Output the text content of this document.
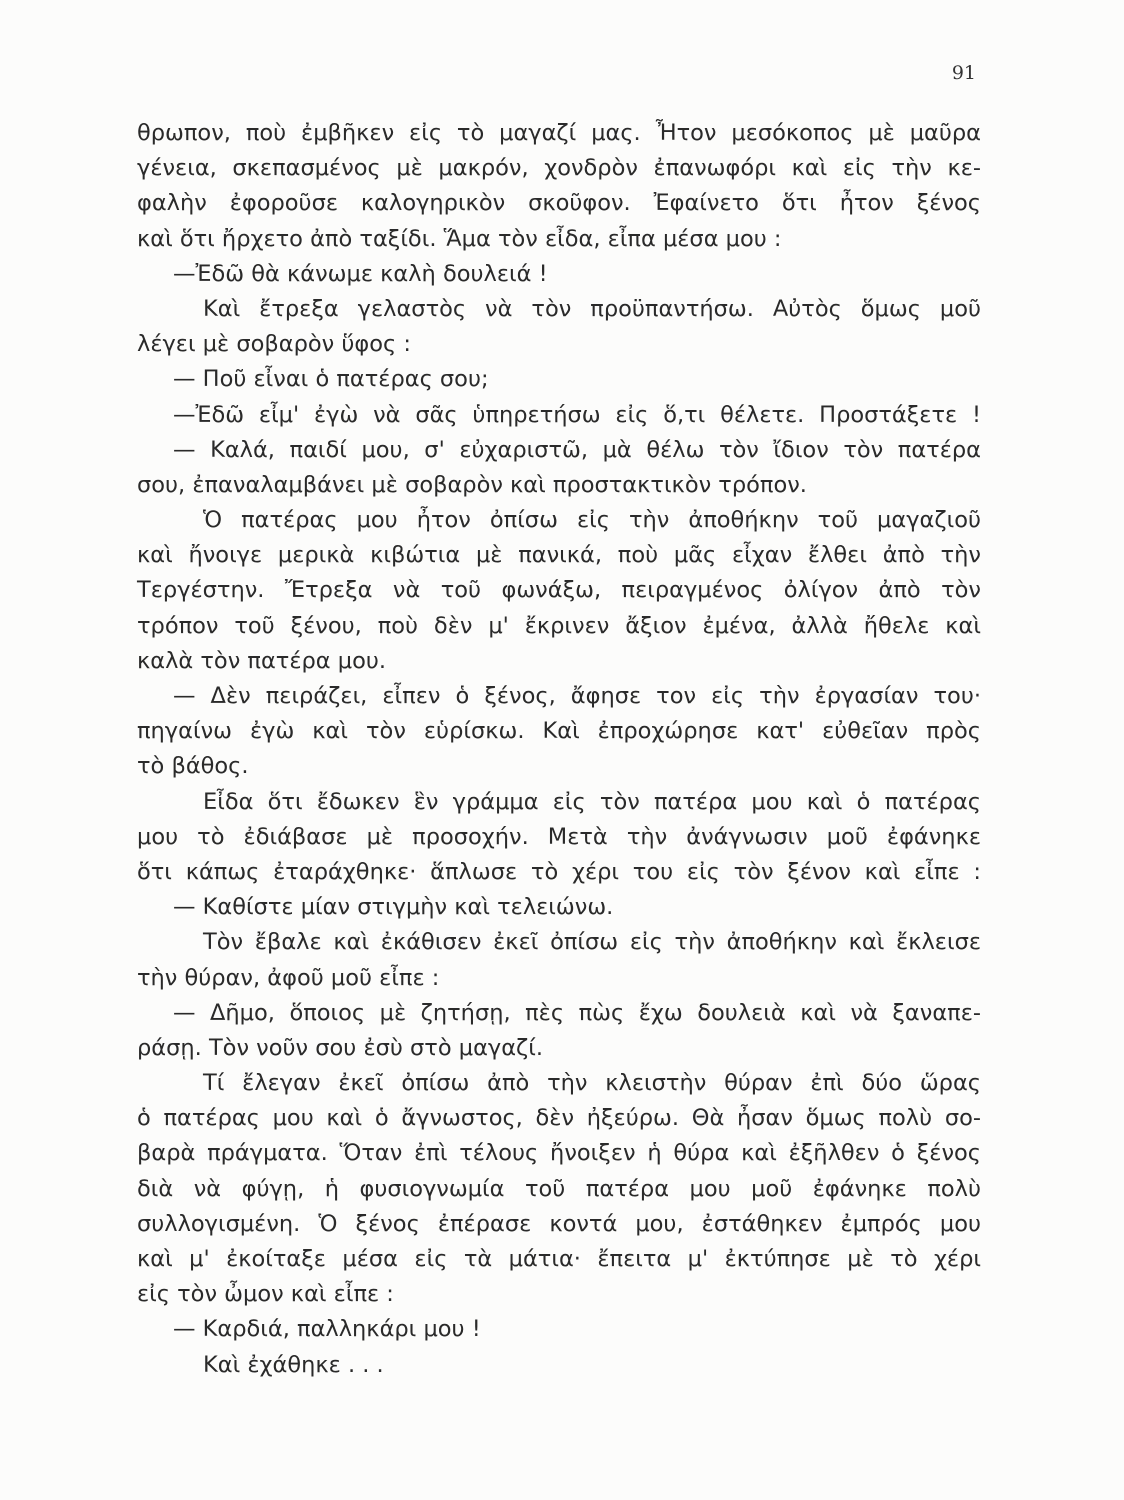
91
θρωπον, ποὺ ἐμβῆκεν εἰς τὸ μαγαζί μας. Ἦτον μεσόκοπος μὲ μαῦρα
γένεια, σκεπασμένος μὲ μακρόν, χονδρὸν ἐπανωφόρι καὶ εἰς τὴν κε-
φαλὴν ἐφοροῦσε καλογηρικὸν σκοῦφον. Ἐφαίνετο ὅτι ἦτον ξένος
καὶ ὅτι ἤρχετο ἀπὸ ταξίδι. Ἅμα τὸν εἶδα, εἶπα μέσα μου :
—Ἐδῶ θὰ κάνωμε καλὴ δουλειά !
Καὶ ἔτρεξα γελαστὸς νὰ τὸν προϋπαντήσω. Αὐτὸς ὅμως μοῦ
λέγει μὲ σοβαρὸν ὕφος :
— Ποῦ εἶναι ὁ πατέρας σου;
—Ἐδῶ εἶμ' ἐγὼ νὰ σᾶς ὑπηρετήσω εἰς ὅ,τι θέλετε. Προστάξετε !
— Καλά, παιδί μου, σ' εὐχαριστῶ, μὰ θέλω τὸν ἴδιον τὸν πατέρα
σου, ἐπαναλαμβάνει μὲ σοβαρὸν καὶ προστακτικὸν τρόπον.
Ὁ πατέρας μου ἦτον ὀπίσω εἰς τὴν ἀποθήκην τοῦ μαγαζιοῦ
καὶ ἤνοιγε μερικὰ κιβώτια μὲ πανικά, ποὺ μᾶς εἶχαν ἔλθει ἀπὸ τὴν
Τεργέστην. Ἔτρεξα νὰ τοῦ φωνάξω, πειραγμένος ὀλίγον ἀπὸ τὸν
τρόπον τοῦ ξένου, ποὺ δὲν μ' ἔκρινεν ἄξιον ἐμένα, ἀλλὰ ἤθελε καὶ
καλὰ τὸν πατέρα μου.
— Δὲν πειράζει, εἶπεν ὁ ξένος, ἄφησε τον εἰς τὴν ἐργασίαν του·
πηγαίνω ἐγὼ καὶ τὸν εὑρίσκω. Καὶ ἐπροχώρησε κατ' εὐθεῖαν πρὸς
τὸ βάθος.
Εἶδα ὅτι ἔδωκεν ἓν γράμμα εἰς τὸν πατέρα μου καὶ ὁ πατέρας
μου τὸ ἐδιάβασε μὲ προσοχήν. Μετὰ τὴν ἀνάγνωσιν μοῦ ἐφάνηκε
ὅτι κάπως ἐταράχθηκε· ἅπλωσε τὸ χέρι του εἰς τὸν ξένον καὶ εἶπε :
— Καθίστε μίαν στιγμὴν καὶ τελειώνω.
Τὸν ἔβαλε καὶ ἐκάθισεν ἐκεῖ ὀπίσω εἰς τὴν ἀποθήκην καὶ ἔκλεισε
τὴν θύραν, ἀφοῦ μοῦ εἶπε :
— Δῆμο, ὅποιος μὲ ζητήσῃ, πὲς πὼς ἔχω δουλειὰ καὶ νὰ ξαναπε-
ράσῃ. Τὸν νοῦν σου ἐσὺ στὸ μαγαζί.
Τί ἔλεγαν ἐκεῖ ὀπίσω ἀπὸ τὴν κλειστὴν θύραν ἐπὶ δύο ὥρας
ὁ πατέρας μου καὶ ὁ ἄγνωστος, δὲν ἠξεύρω. Θὰ ἦσαν ὅμως πολὺ σο-
βαρὰ πράγματα. Ὅταν ἐπὶ τέλους ἤνοιξεν ἡ θύρα καὶ ἐξῆλθεν ὁ ξένος
διὰ νὰ φύγῃ, ἡ φυσιογνωμία τοῦ πατέρα μου μοῦ ἐφάνηκε πολὺ
συλλογισμένη. Ὁ ξένος ἐπέρασε κοντά μου, ἐστάθηκεν ἐμπρός μου
καὶ μ' ἐκοίταξε μέσα εἰς τὰ μάτια· ἔπειτα μ' ἐκτύπησε μὲ τὸ χέρι
εἰς τὸν ὦμον καὶ εἶπε :
— Καρδιά, παλληκάρι μου !
Καὶ ἐχάθηκε . . .
